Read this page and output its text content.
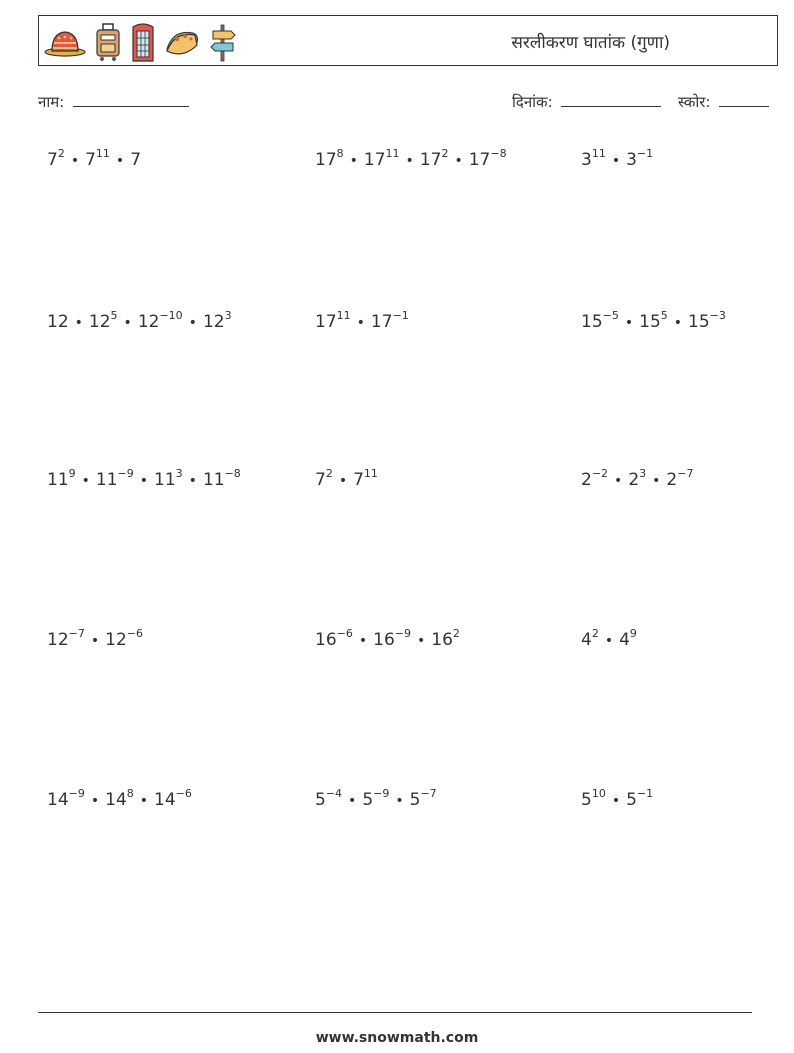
सरलीकरण घातांक (गुणा)
नाम:	दिनांक:	स्कोर:
$7^2$ • $7^{11}$ • 7	$17^8$ • $17^{11}$ • $17^2$ • $17^{-8}$	$3^{11}$ • $3^{-1}$
12 • $12^5$ • $12^{-10}$ • $12^3$	$17^{11}$ • $17^{-1}$	$15^{-5}$ • $15^5$ • $15^{-3}$
$11^9$ • $11^{-9}$ • $11^3$ • $11^{-8}$	$7^2$ • $7^{11}$	$2^{-2}$ • $2^3$ • $2^{-7}$
$12^{-7}$ • $12^{-6}$	$16^{-6}$ • $16^{-9}$ • $16^2$	$4^2$ • $4^9$
$14^{-9}$ • $14^8$ • $14^{-6}$	$5^{-4}$ • $5^{-9}$ • $5^{-7}$	$5^{10}$ • $5^{-1}$
www.snowmath.com
